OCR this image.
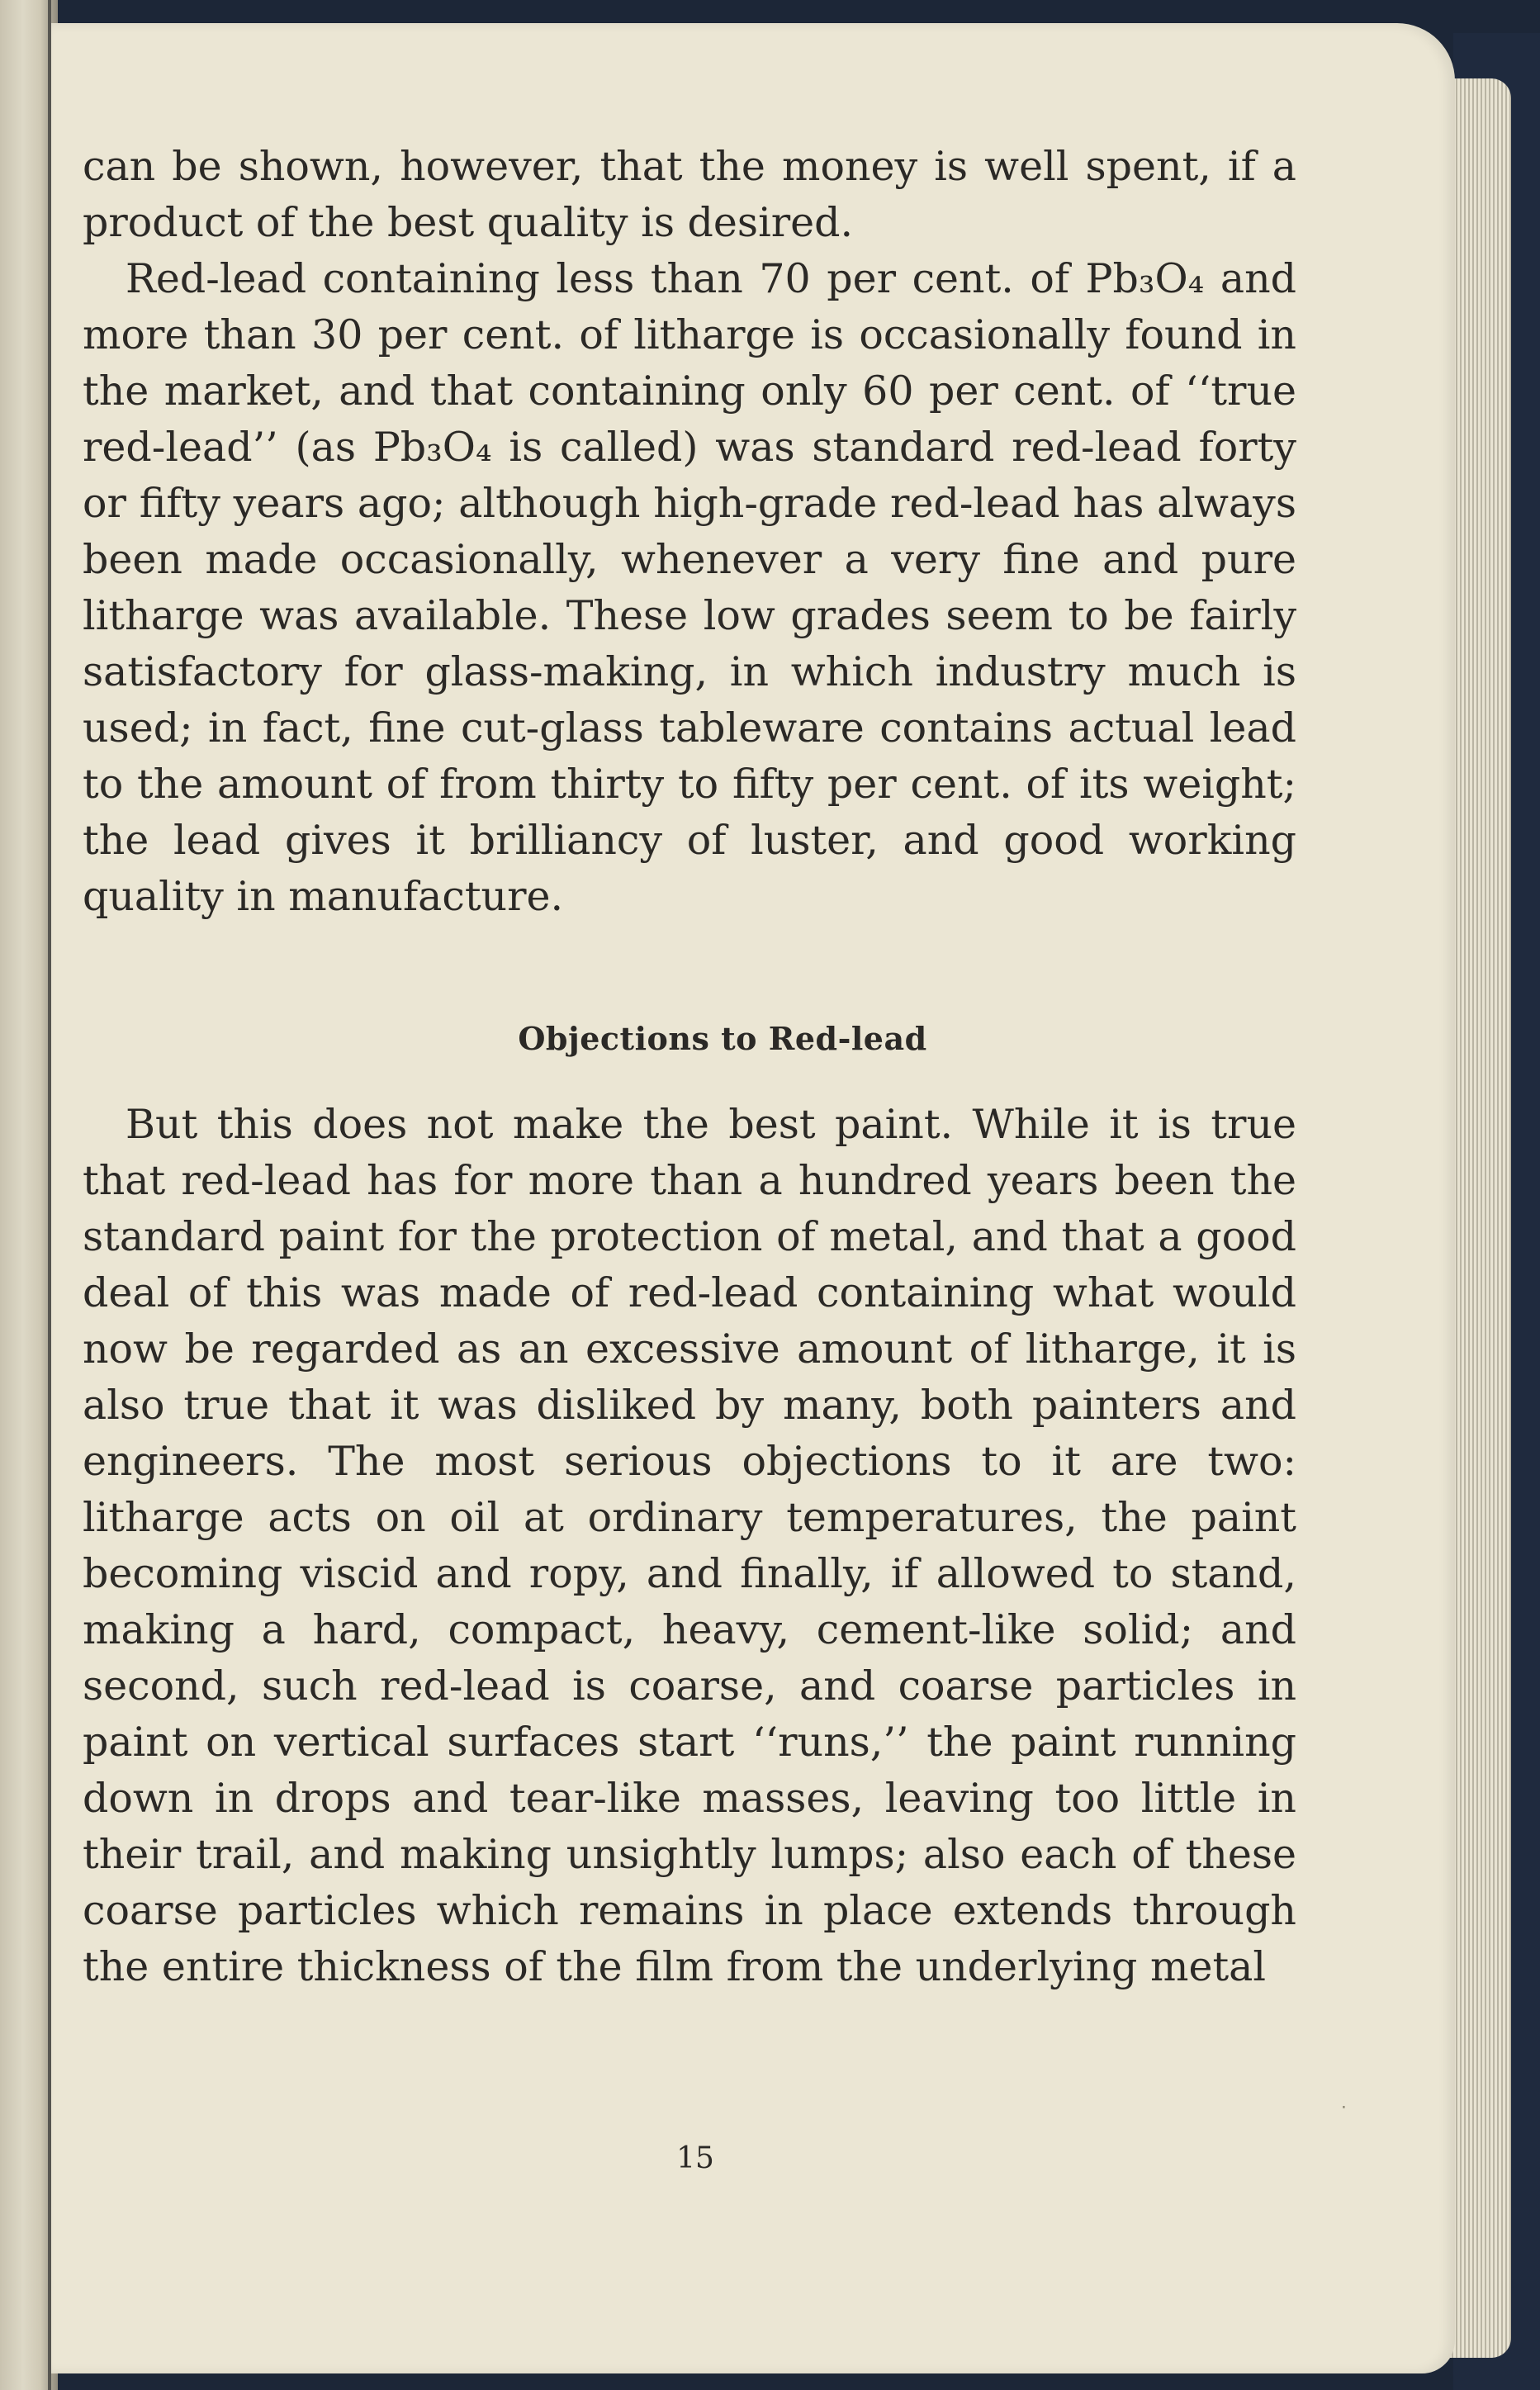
can be shown, however, that the money is well spent, if a product of the best quality is desired.

Red-lead containing less than 70 per cent. of Pb₃O₄ and more than 30 per cent. of litharge is occasionally found in the market, and that containing only 60 per cent. of ‘‘true red-lead’’ (as Pb₃O₄ is called) was standard red-lead forty or fifty years ago; although high-grade red-lead has always been made occasionally, whenever a very fine and pure litharge was available. These low grades seem to be fairly satisfactory for glass-making, in which industry much is used; in fact, fine cut-glass tableware contains actual lead to the amount of from thirty to fifty per cent. of its weight; the lead gives it brilliancy of luster, and good working quality in manufacture.

Objections to Red-lead

But this does not make the best paint. While it is true that red-lead has for more than a hundred years been the standard paint for the protection of metal, and that a good deal of this was made of red-lead containing what would now be regarded as an excessive amount of litharge, it is also true that it was disliked by many, both painters and engineers. The most serious objections to it are two: litharge acts on oil at ordinary temperatures, the paint becoming viscid and ropy, and finally, if allowed to stand, making a hard, compact, heavy, cement-like solid; and second, such red-lead is coarse, and coarse particles in paint on vertical surfaces start ‘‘runs,’’ the paint running down in drops and tear-like masses, leaving too little in their trail, and making unsightly lumps; also each of these coarse particles which remains in place extends through the entire thickness of the film from the underlying metal

15
⋅
